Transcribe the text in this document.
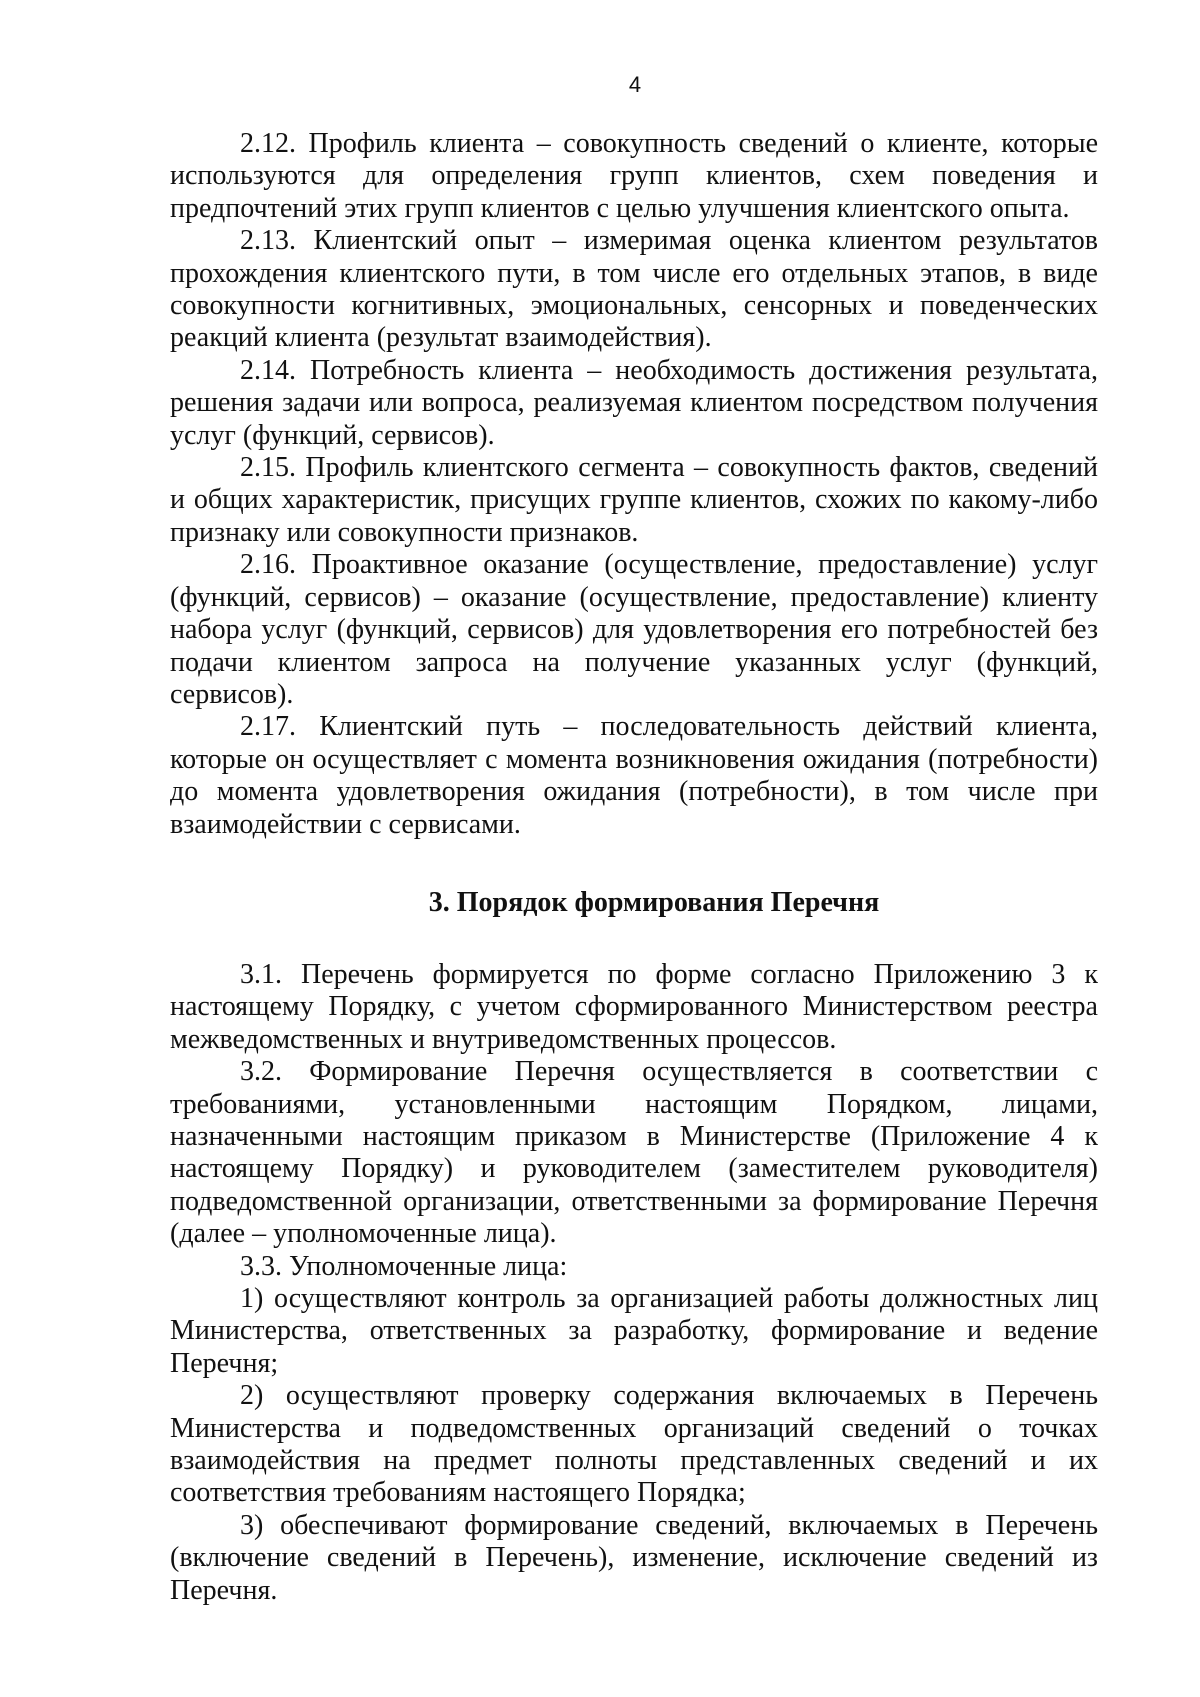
4

2.12. Профиль клиента – совокупность сведений о клиенте, которые используются для определения групп клиентов, схем поведения и предпочтений этих групп клиентов с целью улучшения клиентского опыта.

2.13. Клиентский опыт – измеримая оценка клиентом результатов прохождения клиентского пути, в том числе его отдельных этапов, в виде совокупности когнитивных, эмоциональных, сенсорных и поведенческих реакций клиента (результат взаимодействия).

2.14. Потребность клиента – необходимость достижения результата, решения задачи или вопроса, реализуемая клиентом посредством получения услуг (функций, сервисов).

2.15. Профиль клиентского сегмента – совокупность фактов, сведений и общих характеристик, присущих группе клиентов, схожих по какому-либо признаку или совокупности признаков.

2.16. Проактивное оказание (осуществление, предоставление) услуг (функций, сервисов) – оказание (осуществление, предоставление) клиенту набора услуг (функций, сервисов) для удовлетворения его потребностей без подачи клиентом запроса на получение указанных услуг (функций, сервисов).

2.17. Клиентский путь – последовательность действий клиента, которые он осуществляет с момента возникновения ожидания (потребности) до момента удовлетворения ожидания (потребности), в том числе при взаимодействии с сервисами.

3. Порядок формирования Перечня

3.1. Перечень формируется по форме согласно Приложению 3 к настоящему Порядку, с учетом сформированного Министерством реестра межведомственных и внутриведомственных процессов.

3.2. Формирование Перечня осуществляется в соответствии с требованиями, установленными настоящим Порядком, лицами, назначенными настоящим приказом в Министерстве (Приложение 4 к настоящему Порядку) и руководителем (заместителем руководителя) подведомственной организации, ответственными за формирование Перечня (далее – уполномоченные лица).

3.3. Уполномоченные лица:

1) осуществляют контроль за организацией работы должностных лиц Министерства, ответственных за разработку, формирование и ведение Перечня;

2) осуществляют проверку содержания включаемых в Перечень Министерства и подведомственных организаций сведений о точках взаимодействия на предмет полноты представленных сведений и их соответствия требованиям настоящего Порядка;

3) обеспечивают формирование сведений, включаемых в Перечень (включение сведений в Перечень), изменение, исключение сведений из Перечня.
